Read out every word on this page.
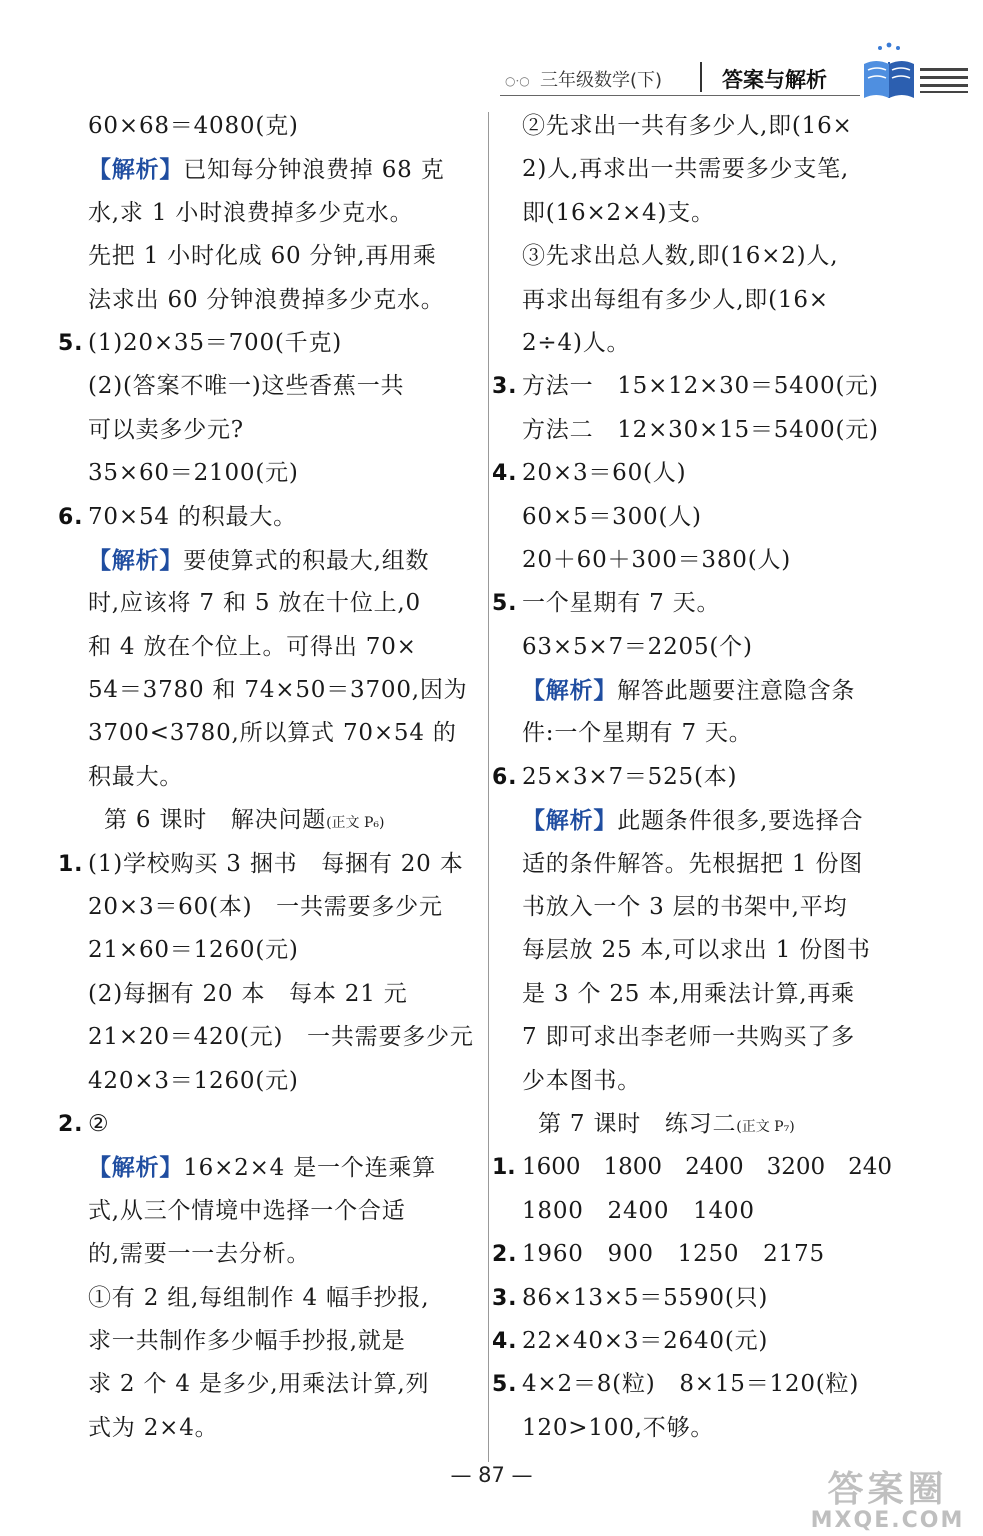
○·○ 三年级数学(下)	答案与解析
60×68＝4080(克)
【解析】已知每分钟浪费掉 68 克
水,求 1 小时浪费掉多少克水。
先把 1 小时化成 60 分钟,再用乘
法求出 60 分钟浪费掉多少克水。
5. (1)20×35＝700(千克)
(2)(答案不唯一)这些香蕉一共
可以卖多少元?
35×60＝2100(元)
6. 70×54 的积最大。
【解析】要使算式的积最大,组数
时,应该将 7 和 5 放在十位上,0
和 4 放在个位上。可得出 70×
54＝3780 和 74×50＝3700,因为
3700<3780,所以算式 70×54 的
积最大。
第 6 课时　解决问题(正文 P₆)
1. (1)学校购买 3 捆书　每捆有 20 本
20×3＝60(本)　一共需要多少元
21×60＝1260(元)
(2)每捆有 20 本　每本 21 元
21×20＝420(元)　一共需要多少元
420×3＝1260(元)
2. ②
【解析】16×2×4 是一个连乘算
式,从三个情境中选择一个合适
的,需要一一去分析。
①有 2 组,每组制作 4 幅手抄报,
求一共制作多少幅手抄报,就是
求 2 个 4 是多少,用乘法计算,列
式为 2×4。
②先求出一共有多少人,即(16×
2)人,再求出一共需要多少支笔,
即(16×2×4)支。
③先求出总人数,即(16×2)人,
再求出每组有多少人,即(16×
2÷4)人。
3. 方法一　15×12×30＝5400(元)
方法二　12×30×15＝5400(元)
4. 20×3＝60(人)
60×5＝300(人)
20＋60＋300＝380(人)
5. 一个星期有 7 天。
63×5×7＝2205(个)
【解析】解答此题要注意隐含条
件:一个星期有 7 天。
6. 25×3×7＝525(本)
【解析】此题条件很多,要选择合
适的条件解答。先根据把 1 份图
书放入一个 3 层的书架中,平均
每层放 25 本,可以求出 1 份图书
是 3 个 25 本,用乘法计算,再乘
7 即可求出李老师一共购买了多
少本图书。
第 7 课时　练习二(正文 P₇)
1. 1600　1800　2400　3200　240
1800　2400　1400
2. 1960　900　1250　2175
3. 86×13×5＝5590(只)
4. 22×40×3＝2640(元)
5. 4×2＝8(粒)　8×15＝120(粒)
120>100,不够。
— 87 —	答案圈
MXQE.COM
